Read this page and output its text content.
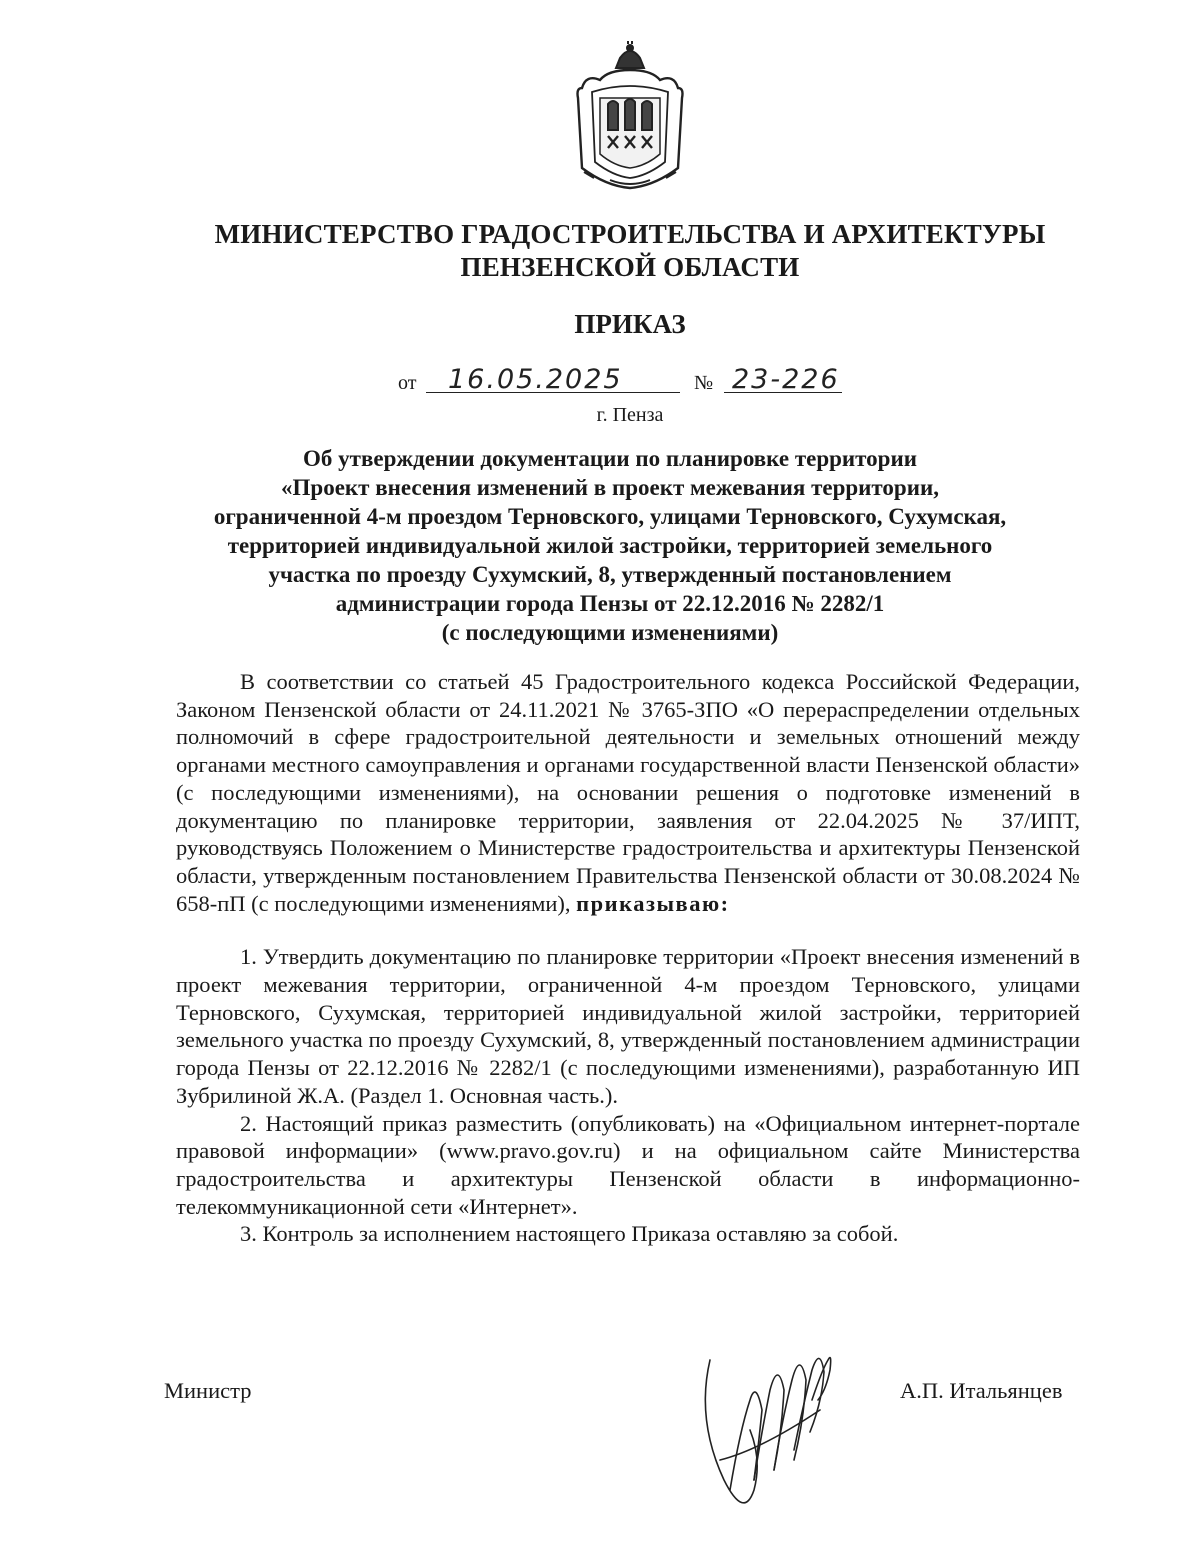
МИНИСТЕРСТВО ГРАДОСТРОИТЕЛЬСТВА И АРХИТЕКТУРЫ
ПЕНЗЕНСКОЙ ОБЛАСТИ
ПРИКАЗ
от 16.05.2025	№ 23-226
г. Пенза
Об утверждении документации по планировке территории
«Проект внесения изменений в проект межевания территории,
ограниченной 4-м проездом Терновского, улицами Терновского, Сухумская,
территорией индивидуальной жилой застройки, территорией земельного
участка по проезду Сухумский, 8, утвержденный постановлением
администрации города Пензы от 22.12.2016 № 2282/1
(с последующими изменениями)

В соответствии со статьей 45 Градостроительного кодекса Российской Федерации, Законом Пензенской области от 24.11.2021 № 3765-ЗПО «О перераспределении отдельных полномочий в сфере градостроительной деятельности и земельных отношений между органами местного самоуправления и органами государственной власти Пензенской области» (с последующими изменениями), на основании решения о подготовке изменений в документацию по планировке территории, заявления от 22.04.2025 № 37/ИПТ, руководствуясь Положением о Министерстве градостроительства и архитектуры Пензенской области, утвержденным постановлением Правительства Пензенской области от 30.08.2024 № 658-пП (с последующими изменениями), приказываю:

1. Утвердить документацию по планировке территории «Проект внесения изменений в проект межевания территории, ограниченной 4-м проездом Терновского, улицами Терновского, Сухумская, территорией индивидуальной жилой застройки, территорией земельного участка по проезду Сухумский, 8, утвержденный постановлением администрации города Пензы от 22.12.2016 № 2282/1 (с последующими изменениями), разработанную ИП Зубрилиной Ж.А. (Раздел 1. Основная часть.).

2. Настоящий приказ разместить (опубликовать) на «Официальном интернет-портале правовой информации» (www.pravo.gov.ru) и на официальном сайте Министерства градостроительства и архитектуры Пензенской области в информационно-телекоммуникационной сети «Интернет».

3. Контроль за исполнением настоящего Приказа оставляю за собой.

Министр	А.П. Итальянцев
